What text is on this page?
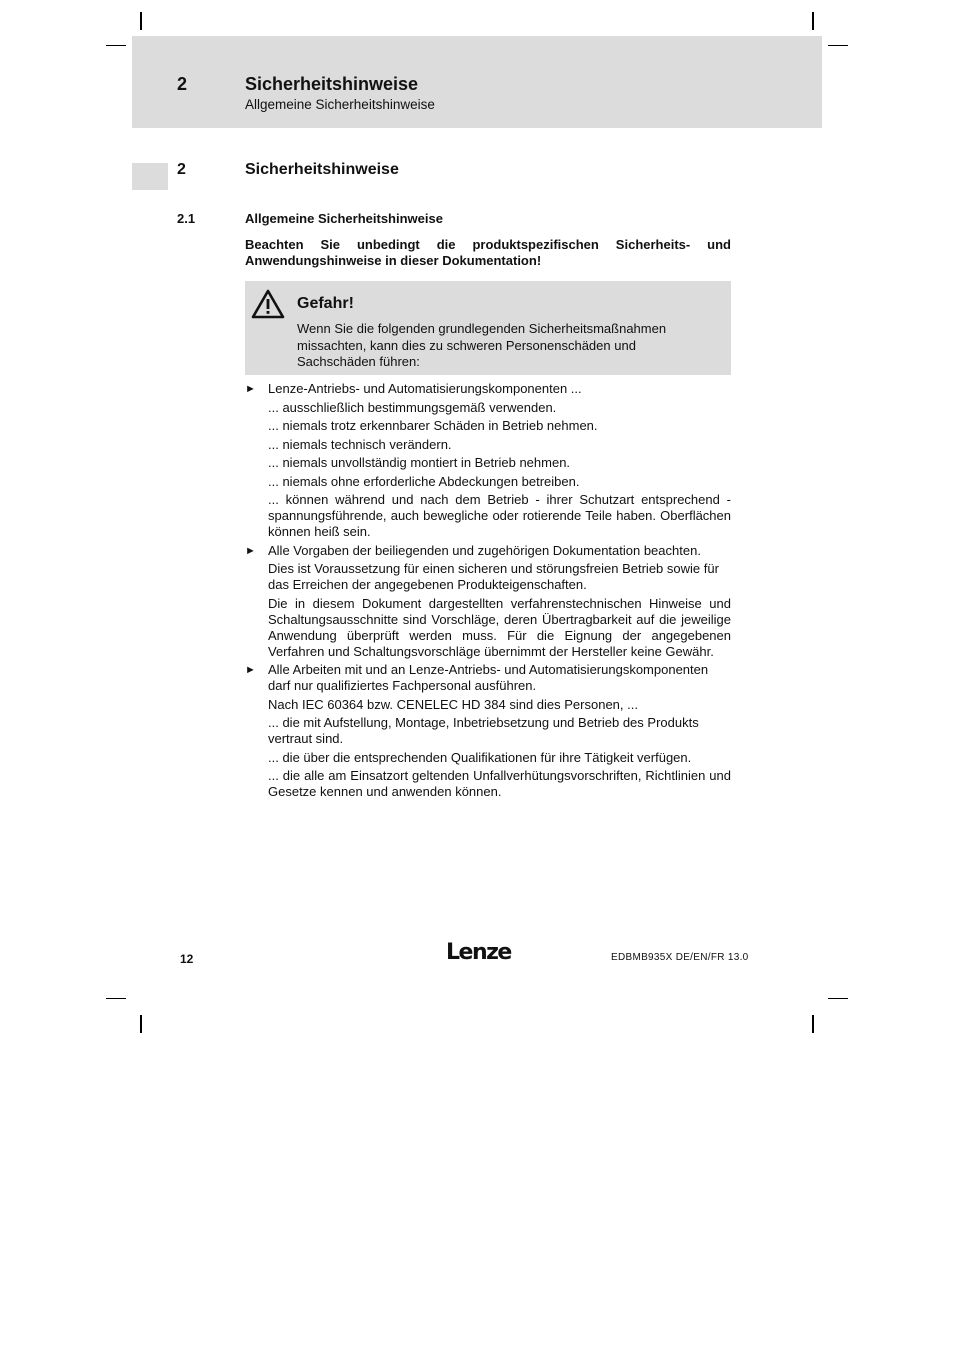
2	Sicherheitshinweise
Allgemeine Sicherheitshinweise
2	Sicherheitshinweise
2.1	Allgemeine Sicherheitshinweise
Beachten Sie unbedingt die produktspezifischen Sicherheits- und Anwendungshinweise in dieser Dokumentation!
Gefahr!
Wenn Sie die folgenden grundlegenden Sicherheitsmaßnahmen missachten, kann dies zu schweren Personenschäden und Sachschäden führen:
► Lenze-Antriebs- und Automatisierungskomponenten ...
... ausschließlich bestimmungsgemäß verwenden.
... niemals trotz erkennbarer Schäden in Betrieb nehmen.
... niemals technisch verändern.
... niemals unvollständig montiert in Betrieb nehmen.
... niemals ohne erforderliche Abdeckungen betreiben.
... können während und nach dem Betrieb - ihrer Schutzart entsprechend - spannungsführende, auch bewegliche oder rotierende Teile haben. Oberflächen können heiß sein.
► Alle Vorgaben der beiliegenden und zugehörigen Dokumentation beachten.
Dies ist Voraussetzung für einen sicheren und störungsfreien Betrieb sowie für das Erreichen der angegebenen Produkteigenschaften.
Die in diesem Dokument dargestellten verfahrenstechnischen Hinweise und Schaltungsausschnitte sind Vorschläge, deren Übertragbarkeit auf die jeweilige Anwendung überprüft werden muss. Für die Eignung der angegebenen Verfahren und Schaltungsvorschläge übernimmt der Hersteller keine Gewähr.
► Alle Arbeiten mit und an Lenze-Antriebs- und Automatisierungskomponenten darf nur qualifiziertes Fachpersonal ausführen.
Nach IEC 60364 bzw. CENELEC HD 384 sind dies Personen, ...
... die mit Aufstellung, Montage, Inbetriebsetzung und Betrieb des Produkts vertraut sind.
... die über die entsprechenden Qualifikationen für ihre Tätigkeit verfügen.
... die alle am Einsatzort geltenden Unfallverhütungsvorschriften, Richtlinien und Gesetze kennen und anwenden können.
12	Lenze	EDBMB935X DE/EN/FR 13.0
